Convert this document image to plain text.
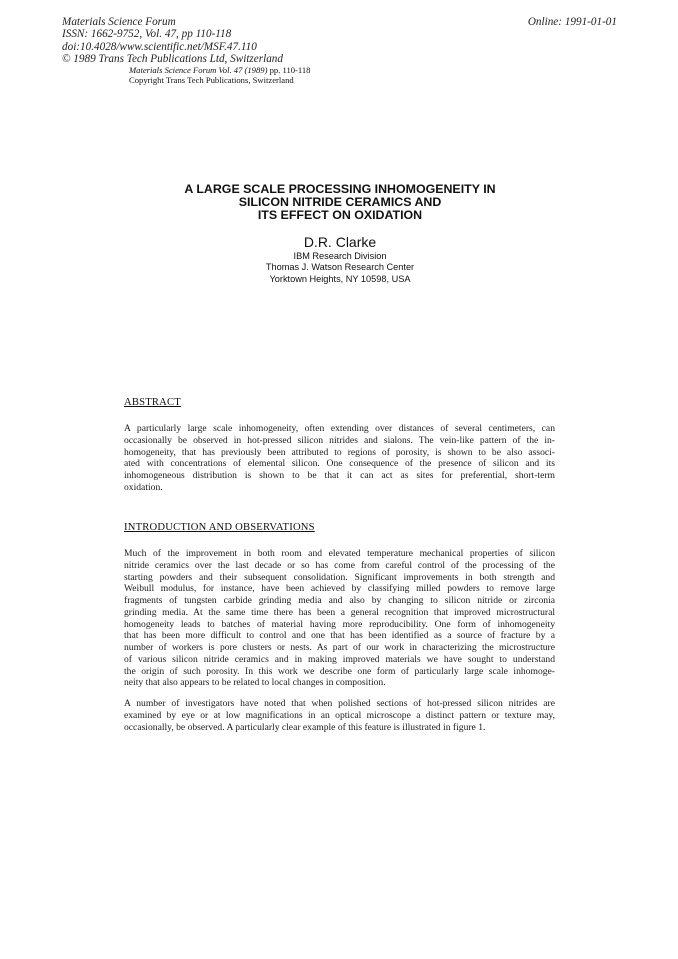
Materials Science Forum
ISSN: 1662-9752, Vol. 47, pp 110-118
doi:10.4028/www.scientific.net/MSF.47.110
© 1989 Trans Tech Publications Ltd, Switzerland
Online: 1991-01-01
Materials Science Forum Vol. 47 (1989) pp. 110-118
Copyright Trans Tech Publications, Switzerland
A LARGE SCALE PROCESSING INHOMOGENEITY IN
SILICON NITRIDE CERAMICS AND
ITS EFFECT ON OXIDATION
D.R. Clarke
IBM Research Division
Thomas J. Watson Research Center
Yorktown Heights, NY 10598, USA
ABSTRACT
A particularly large scale inhomogeneity, often extending over distances of several centimeters, can
occasionally be observed in hot-pressed silicon nitrides and sialons. The vein-like pattern of the in-
homogeneity, that has previously been attributed to regions of porosity, is shown to be also associ-
ated with concentrations of elemental silicon. One consequence of the presence of silicon and its
inhomogeneous distribution is shown to be that it can act as sites for preferential, short-term
oxidation.
INTRODUCTION AND OBSERVATIONS
Much of the improvement in both room and elevated temperature mechanical properties of silicon
nitride ceramics over the last decade or so has come from careful control of the processing of the
starting powders and their subsequent consolidation. Significant improvements in both strength and
Weibull modulus, for instance, have been achieved by classifying milled powders to remove large
fragments of tungsten carbide grinding media and also by changing to silicon nitride or zirconia
grinding media. At the same time there has been a general recognition that improved microstructural
homogeneity leads to batches of material having more reproducibility. One form of inhomogeneity
that has been more difficult to control and one that has been identified as a source of fracture by a
number of workers is pore clusters or nests. As part of our work in characterizing the microstructure
of various silicon nitride ceramics and in making improved materials we have sought to understand
the origin of such porosity. In this work we describe one form of particularly large scale inhomoge-
neity that also appears to be related to local changes in composition.
A number of investigators have noted that when polished sections of hot-pressed silicon nitrides are
examined by eye or at low magnifications in an optical microscope a distinct pattern or texture may,
occasionally, be observed. A particularly clear example of this feature is illustrated in figure 1.
